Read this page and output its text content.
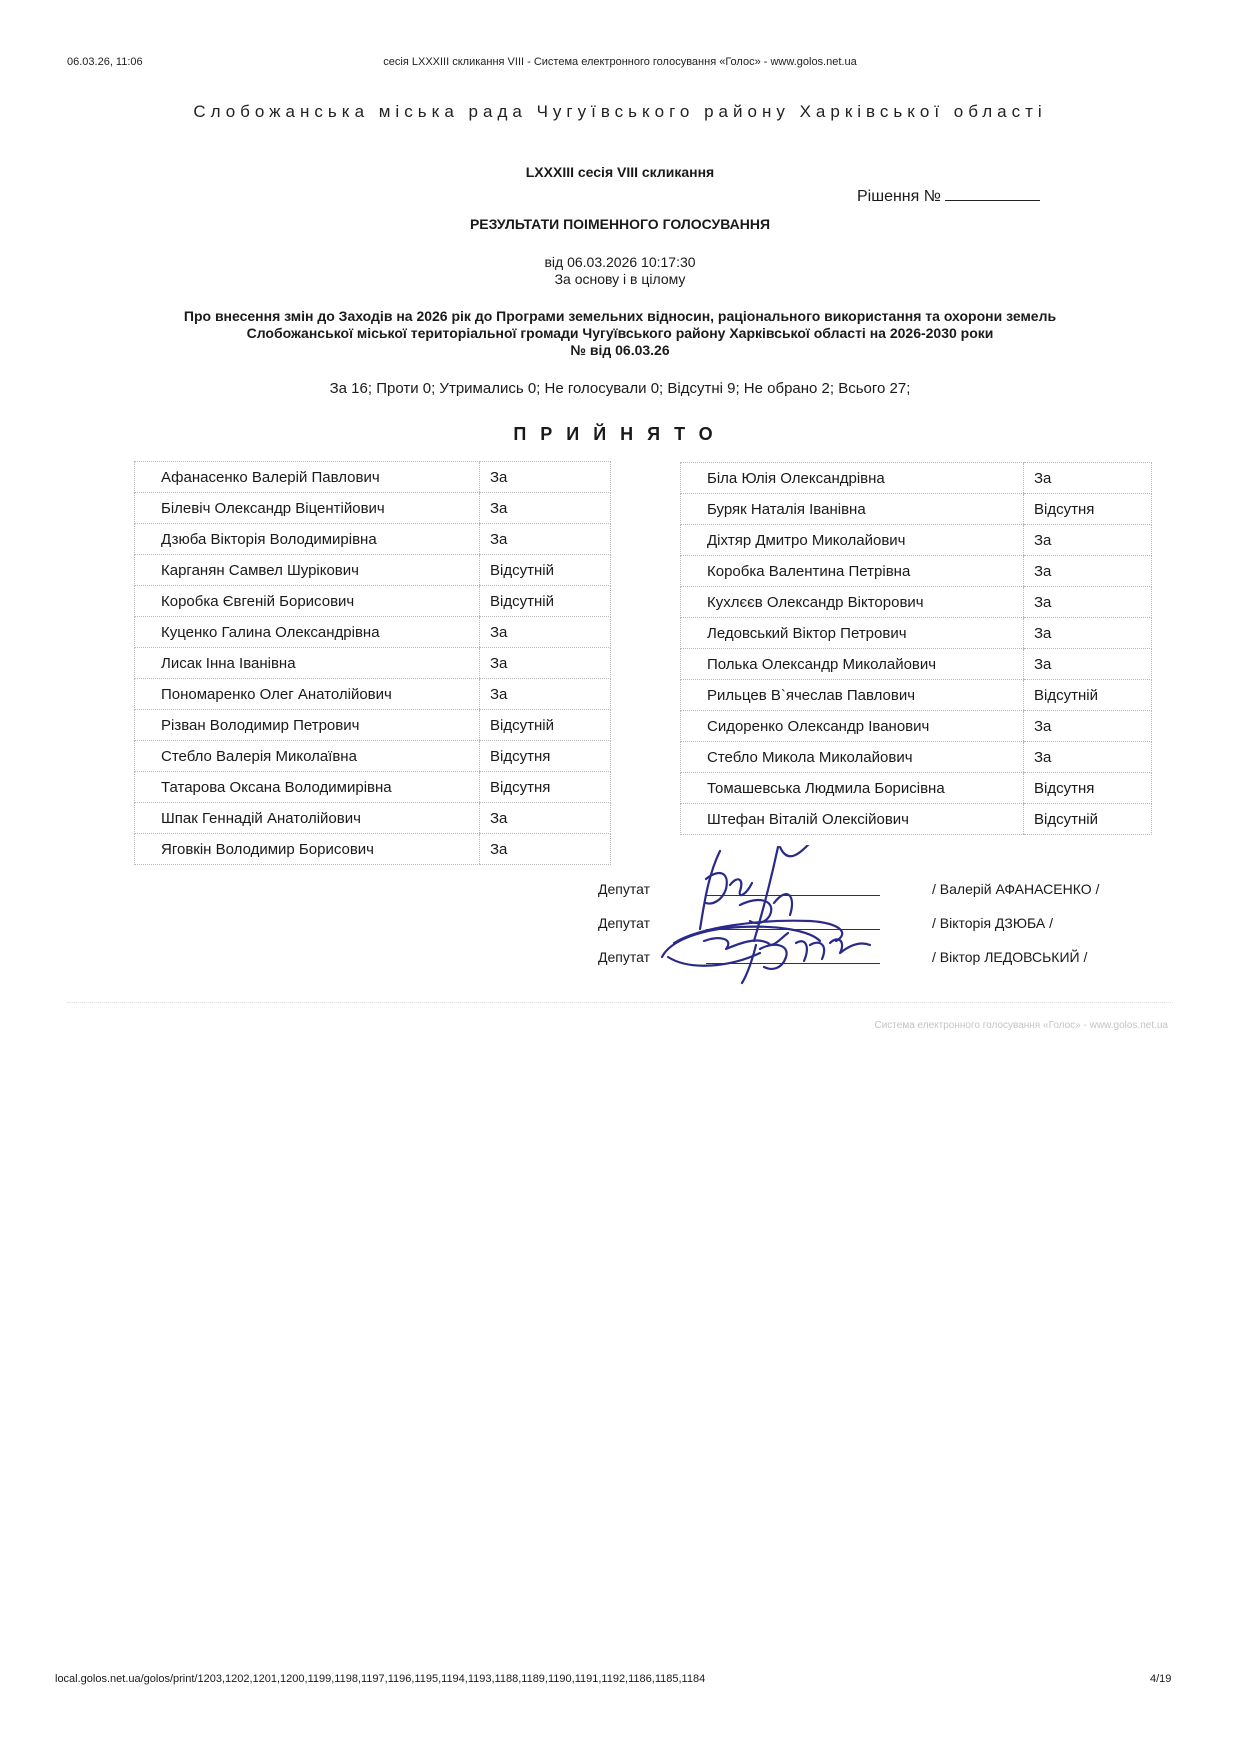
06.03.26, 11:06	сесія LXXXIII скликання VIII - Система електронного голосування «Голос» - www.golos.net.ua
Слобожанська міська рада Чугуївського району Харківської області
LXXXIII сесія VIII скликання
Рішення №
РЕЗУЛЬТАТИ ПОІМЕННОГО ГОЛОСУВАННЯ
від 06.03.2026 10:17:30
За основу і в цілому
Про внесення змін до Заходів на 2026 рік до Програми земельних відносин, раціонального використання та охорони земель
Слобожанської міської територіальної громади Чугуївського району Харківської області на 2026-2030 роки
№ від 06.03.26
За 16; Проти 0; Утримались 0; Не голосували 0; Відсутні 9; Не обрано 2; Всього 27;
ПРИЙНЯТО
Афанасенко Валерій Павлович	За
Білевіч Олександр Віцентійович	За
Дзюба Вікторія Володимирівна	За
Карганян Самвел Шурікович	Відсутній
Коробка Євгеній Борисович	Відсутній
Куценко Галина Олександрівна	За
Лисак Інна Іванівна	За
Пономаренко Олег Анатолійович	За
Різван Володимир Петрович	Відсутній
Стебло Валерія Миколаївна	Відсутня
Татарова Оксана Володимирівна	Відсутня
Шпак Геннадій Анатолійович	За
Яговкін Володимир Борисович	За
Біла Юлія Олександрівна	За
Буряк Наталія Іванівна	Відсутня
Діхтяр Дмитро Миколайович	За
Коробка Валентина Петрівна	За
Кухлєєв Олександр Вікторович	За
Ледовський Віктор Петрович	За
Полька Олександр Миколайович	За
Рильцев В`ячеслав Павлович	Відсутній
Сидоренко Олександр Іванович	За
Стебло Микола Миколайович	За
Томашевська Людмила Борисівна	Відсутня
Штефан Віталій Олексійович	Відсутній
Депутат	/ Валерій АФАНАСЕНКО /
Депутат	/ Вікторія ДЗЮБА /
Депутат	/ Віктор ЛЕДОВСЬКИЙ /
Система електронного голосування «Голос» - www.golos.net.ua
local.golos.net.ua/golos/print/1203,1202,1201,1200,1199,1198,1197,1196,1195,1194,1193,1188,1189,1190,1191,1192,1186,1185,1184	4/19
